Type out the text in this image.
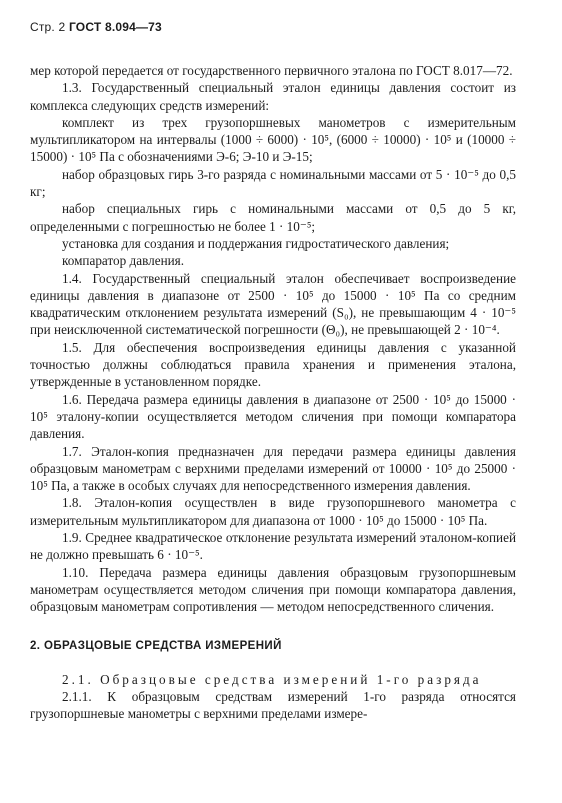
Стр. 2 ГОСТ 8.094—73

мер которой передается от государственного первичного эталона по ГОСТ 8.017—72.

1.3. Государственный специальный эталон единицы давления состоит из комплекса следующих средств измерений:

комплект из трех грузопоршневых манометров с измерительным мультипликатором на интервалы (1000 ÷ 6000) · 10⁵, (6000 ÷ 10000) · 10⁵ и (10000 ÷ 15000) · 10⁵ Па с обозначениями Э-6; Э-10 и Э-15;

набор образцовых гирь 3-го разряда с номинальными массами от 5 · 10⁻⁵ до 0,5 кг;

набор специальных гирь с номинальными массами от 0,5 до 5 кг, определенными с погрешностью не более 1 · 10⁻⁵;

установка для создания и поддержания гидростатического давления;

компаратор давления.

1.4. Государственный специальный эталон обеспечивает воспроизведение единицы давления в диапазоне от 2500 · 10⁵ до 15000 · 10⁵ Па со средним квадратическим отклонением результата измерений (S₀), не превышающим 4 · 10⁻⁵ при неисключенной систематической погрешности (Θ₀), не превышающей 2 · 10⁻⁴.

1.5. Для обеспечения воспроизведения единицы давления с указанной точностью должны соблюдаться правила хранения и применения эталона, утвержденные в установленном порядке.

1.6. Передача размера единицы давления в диапазоне от 2500 · 10⁵ до 15000 · 10⁵ эталону-копии осуществляется методом сличения при помощи компаратора давления.

1.7. Эталон-копия предназначен для передачи размера единицы давления образцовым манометрам с верхними пределами измерений от 10000 · 10⁵ до 25000 · 10⁵ Па, а также в особых случаях для непосредственного измерения давления.

1.8. Эталон-копия осуществлен в виде грузопоршневого манометра с измерительным мультипликатором для диапазона от 1000 · 10⁵ до 15000 · 10⁵ Па.

1.9. Среднее квадратическое отклонение результата измерений эталоном-копией не должно превышать 6 · 10⁻⁵.

1.10. Передача размера единицы давления образцовым грузопоршневым манометрам осуществляется методом сличения при помощи компаратора давления, образцовым манометрам сопротивления — методом непосредственного сличения.

2. ОБРАЗЦОВЫЕ СРЕДСТВА ИЗМЕРЕНИЙ

2.1. Образцовые средства измерений 1-го разряда

2.1.1. К образцовым средствам измерений 1-го разряда относятся грузопоршневые манометры с верхними пределами измере-
